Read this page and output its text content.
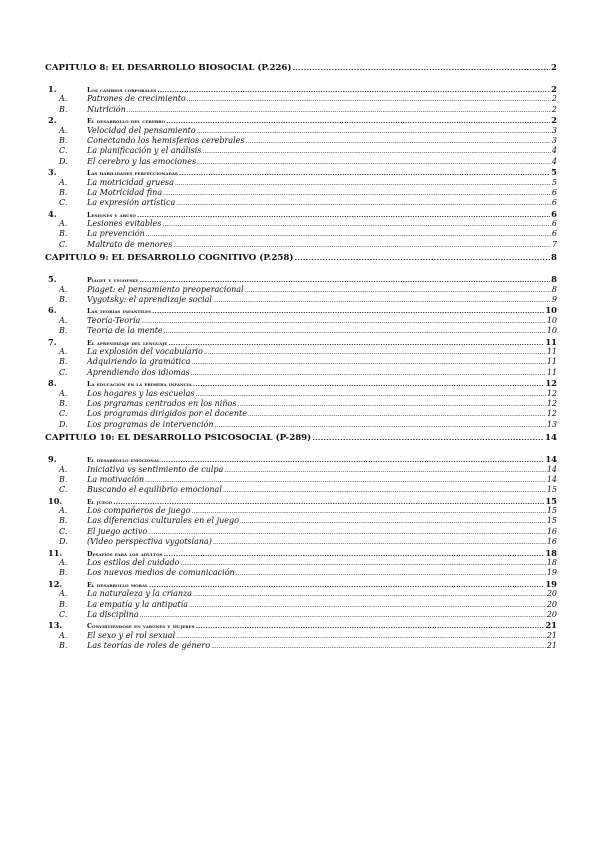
CAPÍTULO 8: EL DESARROLLO BIOSOCIAL (P.226) .....	2
1.	Los cambios corporales .....	2
A.	Patrones de crecimiento .....	2
B.	Nutrición .....	2
2.	El desarrollo del cerebro .....	2
A.	Velocidad del pensamiento .....	3
B.	Conectando los hemisferios cerebrales .....	3
C.	La planificación y el análisis .....	4
D.	El cerebro y las emociones .....	4
3.	Las habilidades perfeccionadas .....	5
A.	La motricidad gruesa .....	5
B.	La Motricidad fina .....	6
C.	La expresión artística .....	6
4.	Lesiones y abuso .....	6
A.	Lesiones evitables .....	6
B.	La prevención .....	6
C.	Maltrato de menores .....	7
CAPÍTULO 9: EL DESARROLLO COGNITIVO (P.258) .....	8
5.	Piaget y vygotsky .....	8
A.	Piaget: el pensamiento preoperacional .....	8
B.	Vygotsky: el aprendizaje social .....	9
6.	Las teorías infantiles .....	10
A.	Teoría-Teoría .....	10
B.	Teoría de la mente .....	10
7.	El aprendizaje del lenguaje .....	11
A.	La explosión del vocabulario .....	11
B.	Adquiriendo la gramática .....	11
C.	Aprendiendo dos idiomas .....	11
8.	La educación en la primera infancia .....	12
A.	Los hogares y las escuelas .....	12
B.	Los prgramas centrados en los niños .....	12
C.	Los programas dirigidos por el docente .....	12
D.	Los programas de intervención .....	13
CAPÍTULO 10: EL DESARROLLO PSICOSOCIAL (P-289) .....	14
9.	El desarrollo emocional .....	14
A.	Iniciativa vs sentimiento de culpa .....	14
B.	La motivación .....	14
C.	Buscando el equilibrio emocional .....	15
10.	El juego .....	15
A.	Los compañeros de juego .....	15
B.	Las diferencias culturales en el juego .....	15
C.	El juego activo .....	16
D.	(Video perspectiva vygotsiana) .....	16
11.	Desafíos para los adultos .....	18
A.	Los estilos del cuidado .....	18
B.	Los nuevos medios de comunicación .....	19
12.	El desarrollo moral .....	19
A.	La naturaleza y la crianza .....	20
B.	La empatía y la antipatía .....	20
C.	La disciplina .....	20
13.	Convirtiéndose en varones y mujeres .....	21
A.	El sexo y el rol sexual .....	21
B.	Las teorías de roles de género .....	21
